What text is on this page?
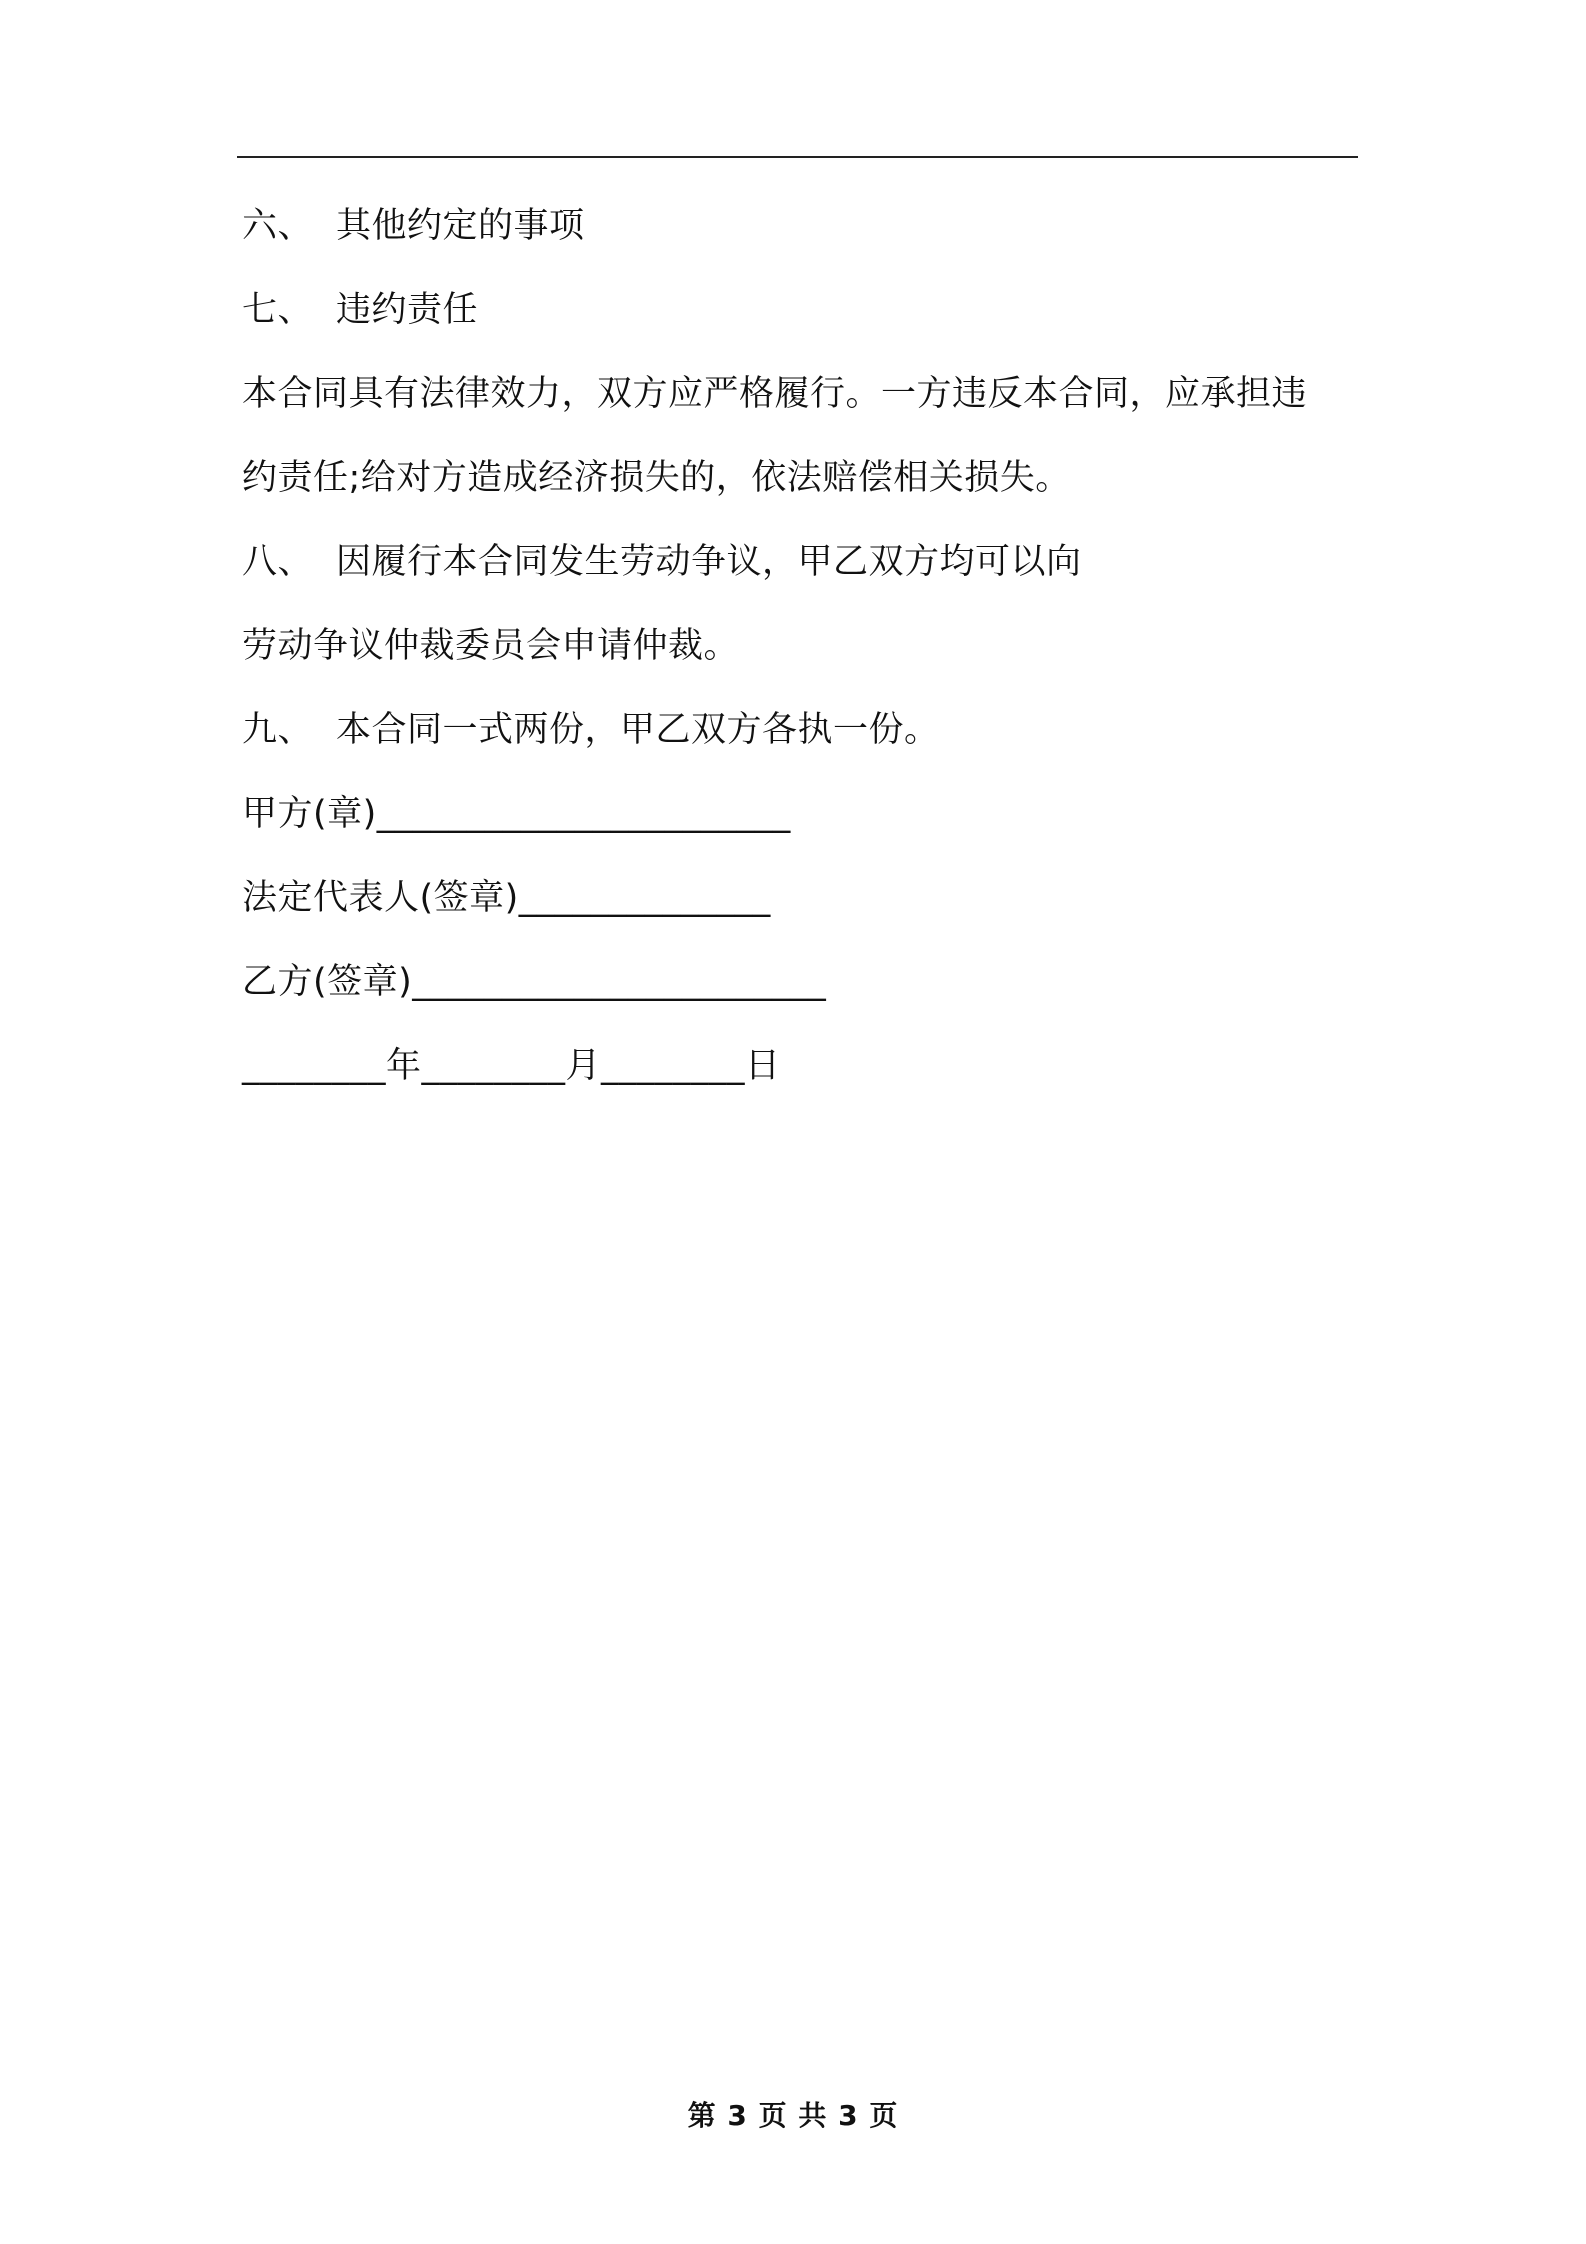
六、 其他约定的事项
七、 违约责任
本合同具有法律效力，双方应严格履行。一方违反本合同，应承担违
约责任;给对方造成经济损失的，依法赔偿相关损失。
八、 因履行本合同发生劳动争议，甲乙双方均可以向
劳动争议仲裁委员会申请仲裁。
九、 本合同一式两份，甲乙双方各执一份。
甲方(章)_______________________
法定代表人(签章)______________
乙方(签章)_______________________
________年________月________日
第 3 页 共 3 页
